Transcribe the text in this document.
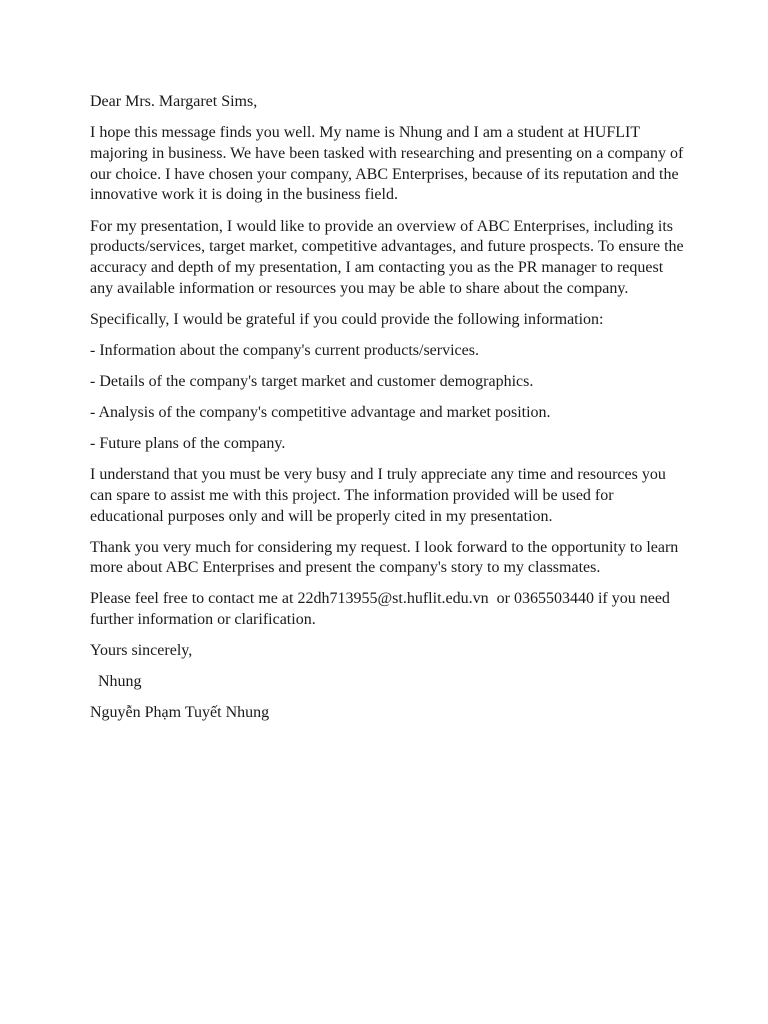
Dear Mrs. Margaret Sims,

I hope this message finds you well. My name is Nhung and I am a student at HUFLIT majoring in business. We have been tasked with researching and presenting on a company of our choice. I have chosen your company, ABC Enterprises, because of its reputation and the innovative work it is doing in the business field.

For my presentation, I would like to provide an overview of ABC Enterprises, including its products/services, target market, competitive advantages, and future prospects. To ensure the accuracy and depth of my presentation, I am contacting you as the PR manager to request any available information or resources you may be able to share about the company.

Specifically, I would be grateful if you could provide the following information:

- Information about the company's current products/services.

- Details of the company's target market and customer demographics.

- Analysis of the company's competitive advantage and market position.

- Future plans of the company.

I understand that you must be very busy and I truly appreciate any time and resources you can spare to assist me with this project. The information provided will be used for educational purposes only and will be properly cited in my presentation.

Thank you very much for considering my request. I look forward to the opportunity to learn more about ABC Enterprises and present the company's story to my classmates.

Please feel free to contact me at 22dh713955@st.huflit.edu.vn  or 0365503440 if you need further information or clarification.

Yours sincerely,

Nhung

Nguyễn Phạm Tuyết Nhung
